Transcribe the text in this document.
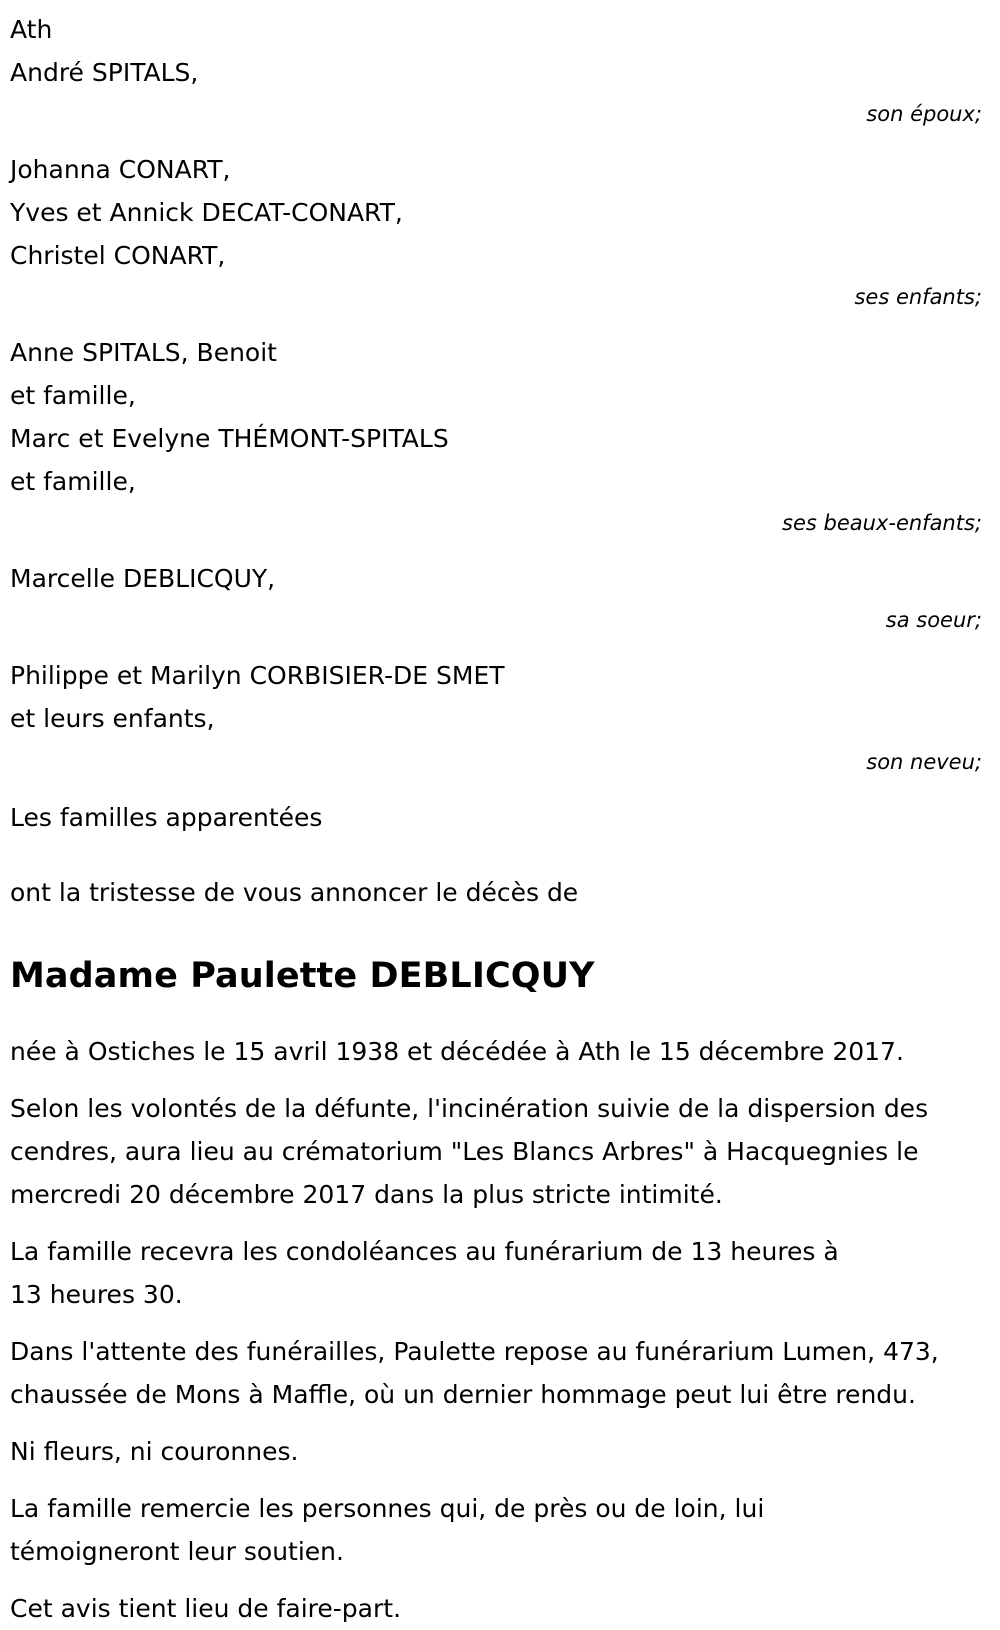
Ath
André SPITALS,
son époux;
Johanna CONART,
Yves et Annick DECAT-CONART,
Christel CONART,
ses enfants;
Anne SPITALS, Benoit
et famille,
Marc et Evelyne THÉMONT-SPITALS
et famille,
ses beaux-enfants;
Marcelle DEBLICQUY,
sa soeur;
Philippe et Marilyn CORBISIER-DE SMET
et leurs enfants,
son neveu;
Les familles apparentées
ont la tristesse de vous annoncer le décès de
Madame Paulette DEBLICQUY

née à Ostiches le 15 avril 1938 et décédée à Ath le 15 décembre 2017.

Selon les volontés de la défunte, l'incinération suivie de la dispersion des cendres, aura lieu au crématorium "Les Blancs Arbres" à Hacquegnies le mercredi 20 décembre 2017 dans la plus stricte intimité.

La famille recevra les condoléances au funérarium de 13 heures à 13 heures 30.

Dans l'attente des funérailles, Paulette repose au funérarium Lumen, 473, chaussée de Mons à Maffle, où un dernier hommage peut lui être rendu.

Ni fleurs, ni couronnes.

La famille remercie les personnes qui, de près ou de loin, lui témoigneront leur soutien.

Cet avis tient lieu de faire-part.
